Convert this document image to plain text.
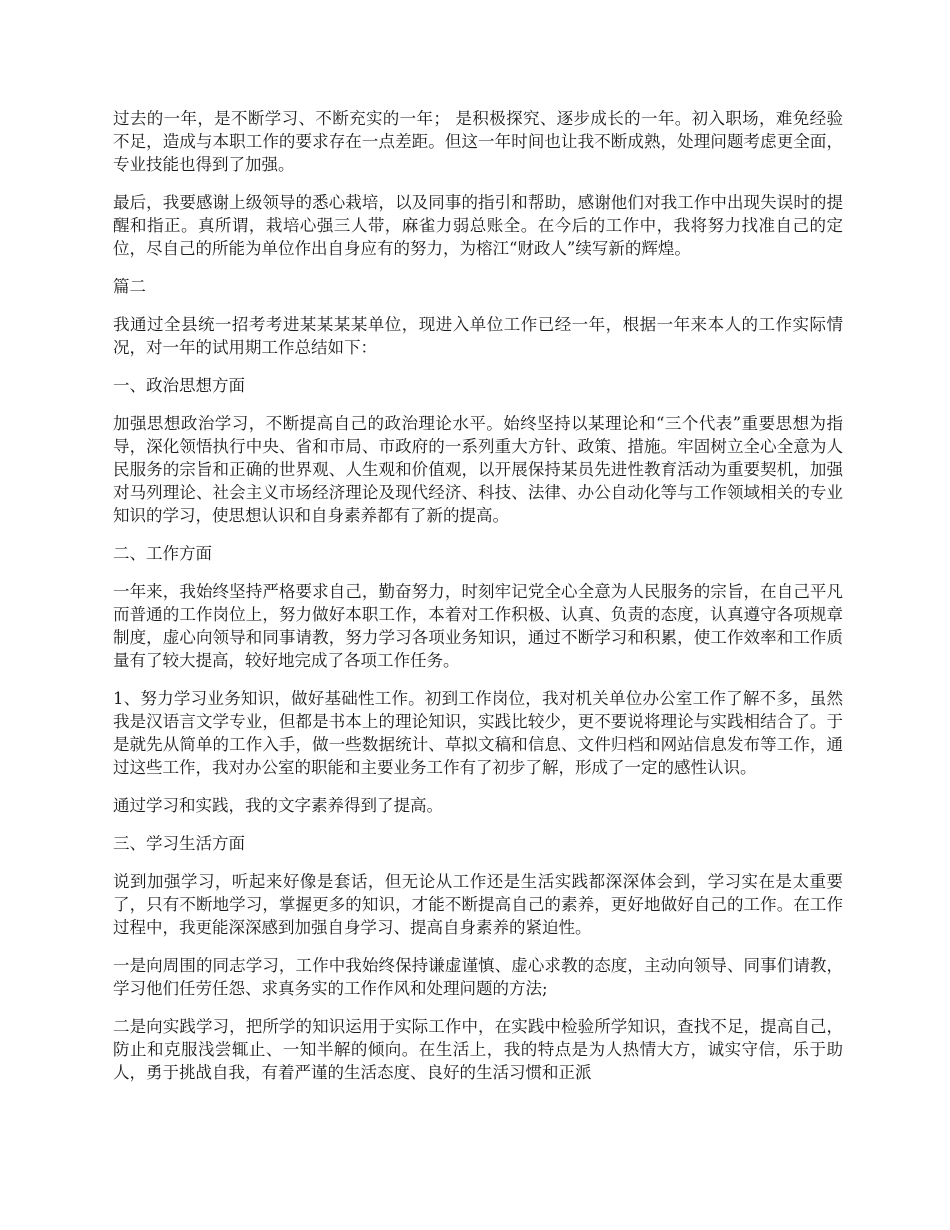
过去的一年，是不断学习、不断充实的一年； 是积极探究、逐步成长的一年。初入职场，难免经验不足，造成与本职工作的要求存在一点差距。但这一年时间也让我不断成熟，处理问题考虑更全面，专业技能也得到了加强。

最后，我要感谢上级领导的悉心栽培，以及同事的指引和帮助，感谢他们对我工作中出现失误时的提醒和指正。真所谓，栽培心强三人带，麻雀力弱总账全。在今后的工作中，我将努力找准自己的定位，尽自己的所能为单位作出自身应有的努力，为榕江“财政人”续写新的辉煌。

篇二

我通过全县统一招考考进某某某某单位，现进入单位工作已经一年，根据一年来本人的工作实际情况，对一年的试用期工作总结如下：

一、政治思想方面

加强思想政治学习，不断提高自己的政治理论水平。始终坚持以某理论和“三个代表”重要思想为指导，深化领悟执行中央、省和市局、市政府的一系列重大方针、政策、措施。牢固树立全心全意为人民服务的宗旨和正确的世界观、人生观和价值观，以开展保持某员先进性教育活动为重要契机，加强对马列理论、社会主义市场经济理论及现代经济、科技、法律、办公自动化等与工作领域相关的专业知识的学习，使思想认识和自身素养都有了新的提高。

二、工作方面

一年来，我始终坚持严格要求自己，勤奋努力，时刻牢记党全心全意为人民服务的宗旨，在自己平凡而普通的工作岗位上，努力做好本职工作，本着对工作积极、认真、负责的态度，认真遵守各项规章制度，虚心向领导和同事请教，努力学习各项业务知识，通过不断学习和积累，使工作效率和工作质量有了较大提高，较好地完成了各项工作任务。

1、努力学习业务知识，做好基础性工作。初到工作岗位，我对机关单位办公室工作了解不多，虽然我是汉语言文学专业，但都是书本上的理论知识，实践比较少，更不要说将理论与实践相结合了。于是就先从简单的工作入手，做一些数据统计、草拟文稿和信息、文件归档和网站信息发布等工作，通过这些工作，我对办公室的职能和主要业务工作有了初步了解，形成了一定的感性认识。

通过学习和实践，我的文字素养得到了提高。

三、学习生活方面

说到加强学习，听起来好像是套话，但无论从工作还是生活实践都深深体会到，学习实在是太重要了，只有不断地学习，掌握更多的知识，才能不断提高自己的素养，更好地做好自己的工作。在工作过程中，我更能深深感到加强自身学习、提高自身素养的紧迫性。

一是向周围的同志学习，工作中我始终保持谦虚谨慎、虚心求教的态度，主动向领导、同事们请教，学习他们任劳任怨、求真务实的工作作风和处理问题的方法;

二是向实践学习，把所学的知识运用于实际工作中，在实践中检验所学知识，查找不足，提高自己，防止和克服浅尝辄止、一知半解的倾向。在生活上，我的特点是为人热情大方，诚实守信，乐于助人，勇于挑战自我，有着严谨的生活态度、良好的生活习惯和正派
